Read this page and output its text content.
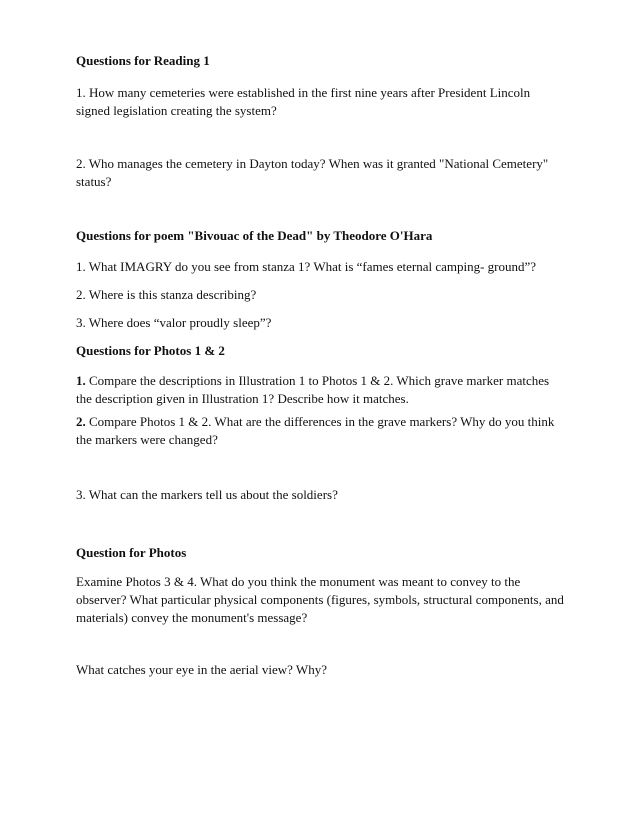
Questions for Reading 1

1. How many cemeteries were established in the first nine years after President Lincoln signed legislation creating the system?

2. Who manages the cemetery in Dayton today? When was it granted "National Cemetery" status?

Questions for poem "Bivouac of the Dead" by Theodore O'Hara

1. What IMAGRY do you see from stanza 1? What is “fames eternal camping- ground”?

2. Where is this stanza describing?

3. Where does “valor proudly sleep”?

Questions for Photos 1 & 2

1. Compare the descriptions in Illustration 1 to Photos 1 & 2. Which grave marker matches the description given in Illustration 1? Describe how it matches.

2. Compare Photos 1 & 2. What are the differences in the grave markers? Why do you think the markers were changed?

3. What can the markers tell us about the soldiers?

Question for Photos

Examine Photos 3 & 4. What do you think the monument was meant to convey to the observer? What particular physical components (figures, symbols, structural components, and materials) convey the monument's message?

What catches your eye in the aerial view? Why?
